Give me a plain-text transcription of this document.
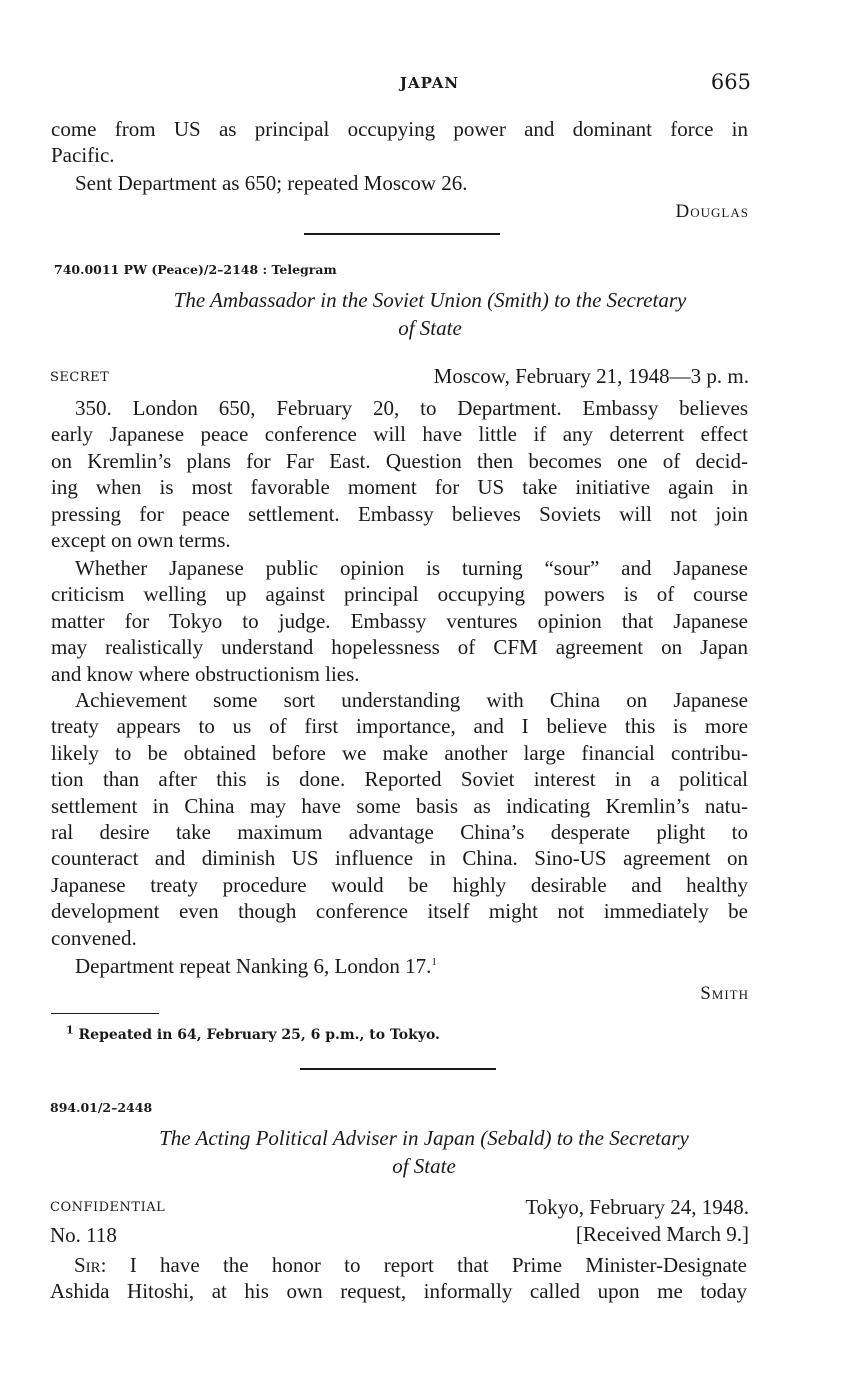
JAPAN	665
come from US as principal occupying power and dominant force in
Pacific.
Sent Department as 650; repeated Moscow 26.
Douglas
740.0011 PW (Peace)/2–2148 : Telegram
The Ambassador in the Soviet Union (Smith) to the Secretary
of State
SECRET	Moscow, February 21, 1948—3 p. m.
350. London 650, February 20, to Department. Embassy believes
early Japanese peace conference will have little if any deterrent effect
on Kremlin’s plans for Far East. Question then becomes one of decid-
ing when is most favorable moment for US take initiative again in
pressing for peace settlement. Embassy believes Soviets will not join
except on own terms.
Whether Japanese public opinion is turning “sour” and Japanese
criticism welling up against principal occupying powers is of course
matter for Tokyo to judge. Embassy ventures opinion that Japanese
may realistically understand hopelessness of CFM agreement on Japan
and know where obstructionism lies.
Achievement some sort understanding with China on Japanese
treaty appears to us of first importance, and I believe this is more
likely to be obtained before we make another large financial contribu-
tion than after this is done. Reported Soviet interest in a political
settlement in China may have some basis as indicating Kremlin’s natu-
ral desire take maximum advantage China’s desperate plight to
counteract and diminish US influence in China. Sino-US agreement on
Japanese treaty procedure would be highly desirable and healthy
development even though conference itself might not immediately be
convened.
Department repeat Nanking 6, London 17.$^1$
Smith
$^1$ Repeated in 64, February 25, 6 p.m., to Tokyo.
894.01/2–2448
The Acting Political Adviser in Japan (Sebald) to the Secretary
of State
CONFIDENTIAL	Tokyo, February 24, 1948.
No. 118	[Received March 9.]
Sir: I have the honor to report that Prime Minister-Designate
Ashida Hitoshi, at his own request, informally called upon me today
